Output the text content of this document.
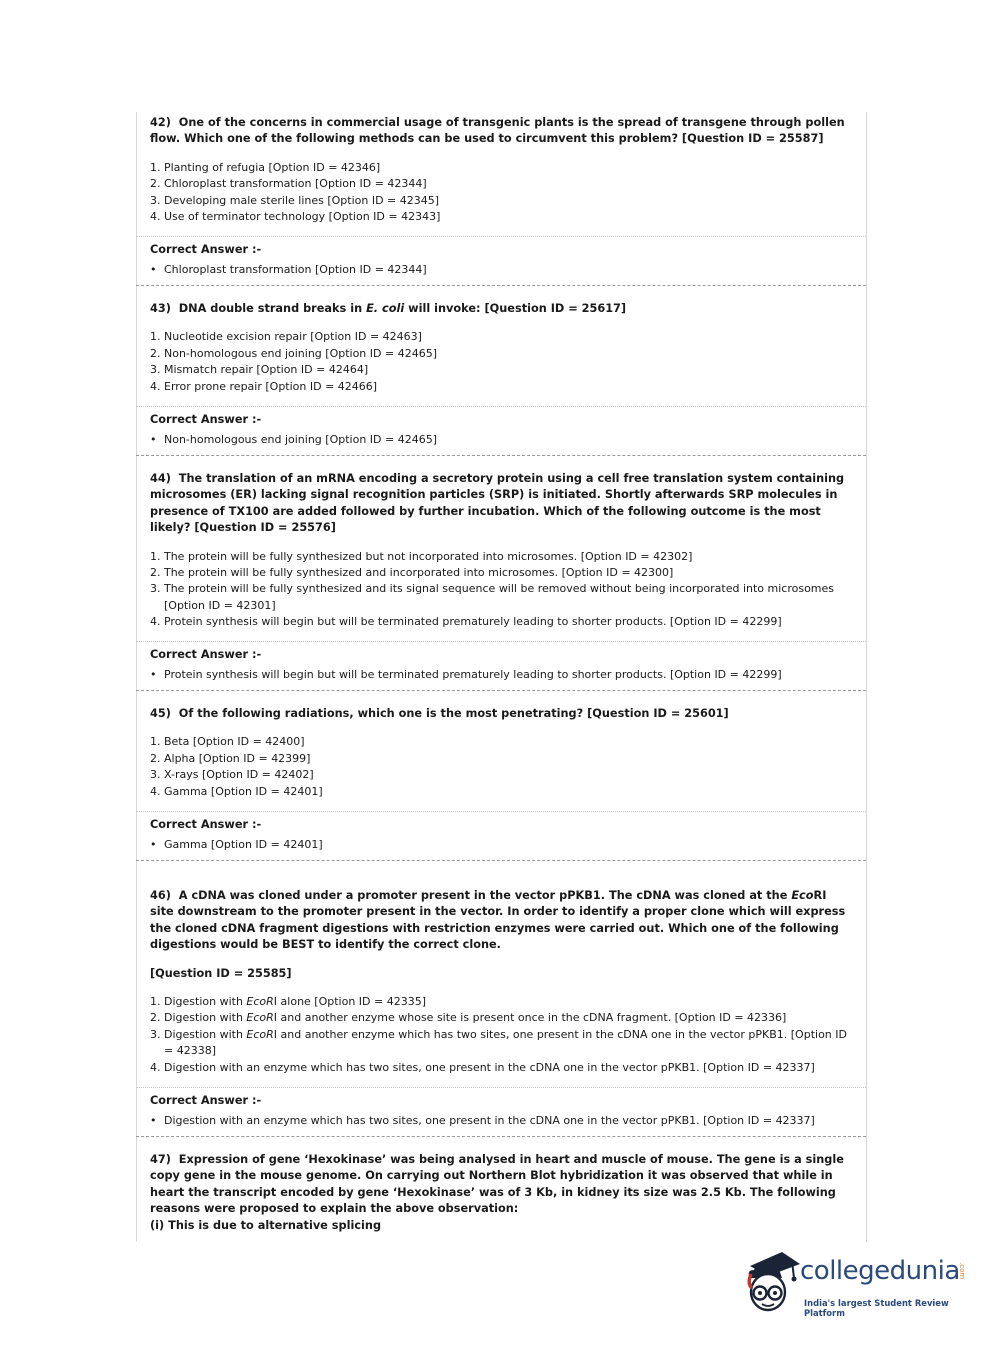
42) One of the concerns in commercial usage of transgenic plants is the spread of transgene through pollen flow. Which one of the following methods can be used to circumvent this problem? [Question ID = 25587]

1. Planting of refugia [Option ID = 42346]
2. Chloroplast transformation [Option ID = 42344]
3. Developing male sterile lines [Option ID = 42345]
4. Use of terminator technology [Option ID = 42343]

Correct Answer :-

• Chloroplast transformation [Option ID = 42344]

43) DNA double strand breaks in E. coli will invoke: [Question ID = 25617]

1. Nucleotide excision repair [Option ID = 42463]
2. Non-homologous end joining [Option ID = 42465]
3. Mismatch repair [Option ID = 42464]
4. Error prone repair [Option ID = 42466]

Correct Answer :-

• Non-homologous end joining [Option ID = 42465]

44) The translation of an mRNA encoding a secretory protein using a cell free translation system containing microsomes (ER) lacking signal recognition particles (SRP) is initiated. Shortly afterwards SRP molecules in presence of TX100 are added followed by further incubation. Which of the following outcome is the most likely? [Question ID = 25576]

1. The protein will be fully synthesized but not incorporated into microsomes. [Option ID = 42302]
2. The protein will be fully synthesized and incorporated into microsomes. [Option ID = 42300]
3. The protein will be fully synthesized and its signal sequence will be removed without being incorporated into microsomes [Option ID = 42301]
4. Protein synthesis will begin but will be terminated prematurely leading to shorter products. [Option ID = 42299]

Correct Answer :-

• Protein synthesis will begin but will be terminated prematurely leading to shorter products. [Option ID = 42299]

45) Of the following radiations, which one is the most penetrating? [Question ID = 25601]

1. Beta [Option ID = 42400]
2. Alpha [Option ID = 42399]
3. X-rays [Option ID = 42402]
4. Gamma [Option ID = 42401]

Correct Answer :-

• Gamma [Option ID = 42401]

46) A cDNA was cloned under a promoter present in the vector pPKB1. The cDNA was cloned at the EcoRI site downstream to the promoter present in the vector. In order to identify a proper clone which will express the cloned cDNA fragment digestions with restriction enzymes were carried out. Which one of the following digestions would be BEST to identify the correct clone.

[Question ID = 25585]

1. Digestion with EcoRI alone [Option ID = 42335]
2. Digestion with EcoRI and another enzyme whose site is present once in the cDNA fragment. [Option ID = 42336]
3. Digestion with EcoRI and another enzyme which has two sites, one present in the cDNA one in the vector pPKB1. [Option ID = 42338]
4. Digestion with an enzyme which has two sites, one present in the cDNA one in the vector pPKB1. [Option ID = 42337]

Correct Answer :-

• Digestion with an enzyme which has two sites, one present in the cDNA one in the vector pPKB1. [Option ID = 42337]

47) Expression of gene ‘Hexokinase’ was being analysed in heart and muscle of mouse. The gene is a single copy gene in the mouse genome. On carrying out Northern Blot hybridization it was observed that while in heart the transcript encoded by gene ‘Hexokinase’ was of 3 Kb, in kidney its size was 2.5 Kb. The following reasons were proposed to explain the above observation:

(i) This is due to alternative splicing

collegedunia
.com
India's largest Student Review Platform
